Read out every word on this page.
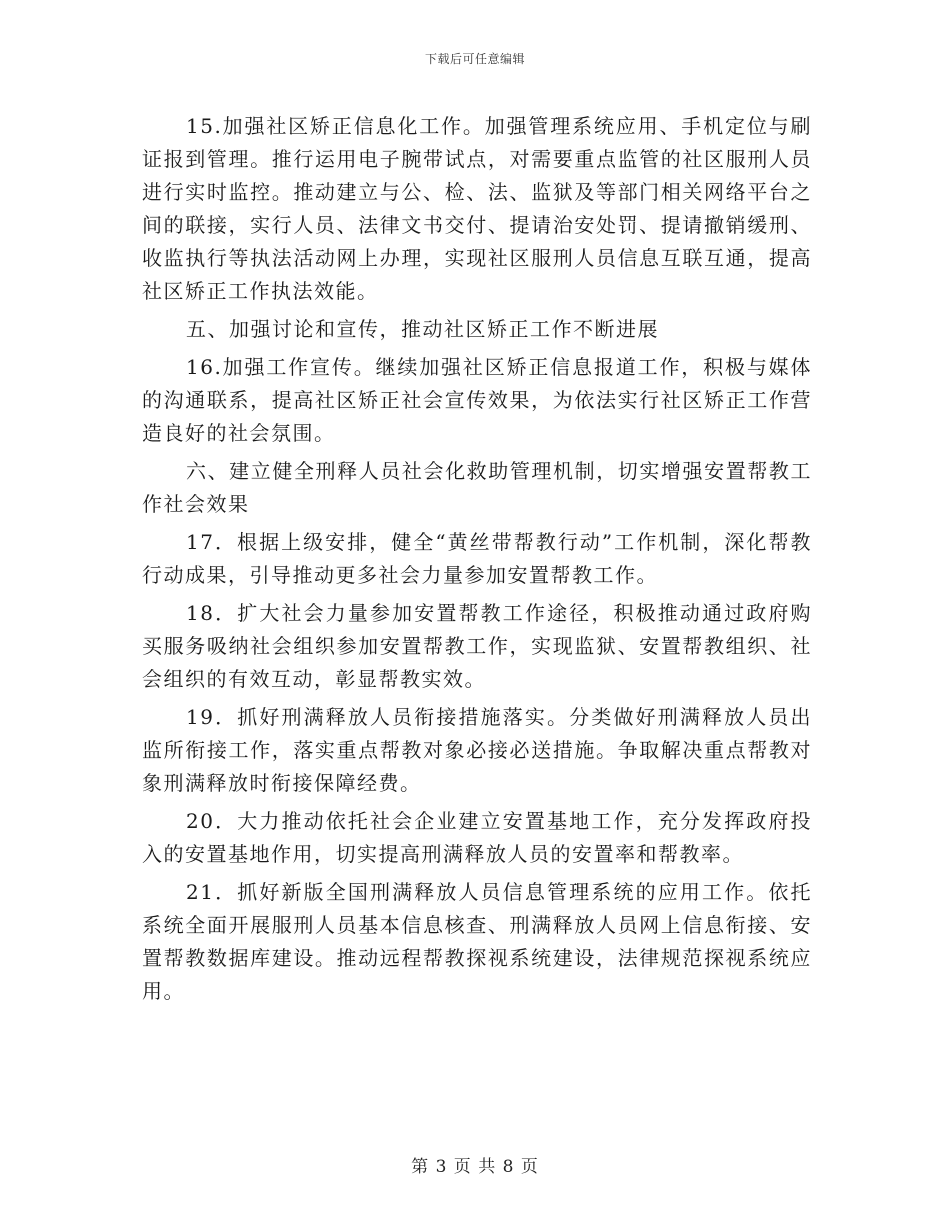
下载后可任意编辑

15.加强社区矫正信息化工作。加强管理系统应用、手机定位与刷证报到管理。推行运用电子腕带试点，对需要重点监管的社区服刑人员进行实时监控。推动建立与公、检、法、监狱及等部门相关网络平台之间的联接，实行人员、法律文书交付、提请治安处罚、提请撤销缓刑、收监执行等执法活动网上办理，实现社区服刑人员信息互联互通，提高社区矫正工作执法效能。

五、加强讨论和宣传，推动社区矫正工作不断进展

16.加强工作宣传。继续加强社区矫正信息报道工作，积极与媒体的沟通联系，提高社区矫正社会宣传效果，为依法实行社区矫正工作营造良好的社会氛围。

六、建立健全刑释人员社会化救助管理机制，切实增强安置帮教工作社会效果

17．根据上级安排，健全“黄丝带帮教行动”工作机制，深化帮教行动成果，引导推动更多社会力量参加安置帮教工作。

18．扩大社会力量参加安置帮教工作途径，积极推动通过政府购买服务吸纳社会组织参加安置帮教工作，实现监狱、安置帮教组织、社会组织的有效互动，彰显帮教实效。

19．抓好刑满释放人员衔接措施落实。分类做好刑满释放人员出监所衔接工作，落实重点帮教对象必接必送措施。争取解决重点帮教对象刑满释放时衔接保障经费。

20．大力推动依托社会企业建立安置基地工作，充分发挥政府投入的安置基地作用，切实提高刑满释放人员的安置率和帮教率。

21．抓好新版全国刑满释放人员信息管理系统的应用工作。依托系统全面开展服刑人员基本信息核查、刑满释放人员网上信息衔接、安置帮教数据库建设。推动远程帮教探视系统建设，法律规范探视系统应用。

第 3 页 共 8 页
